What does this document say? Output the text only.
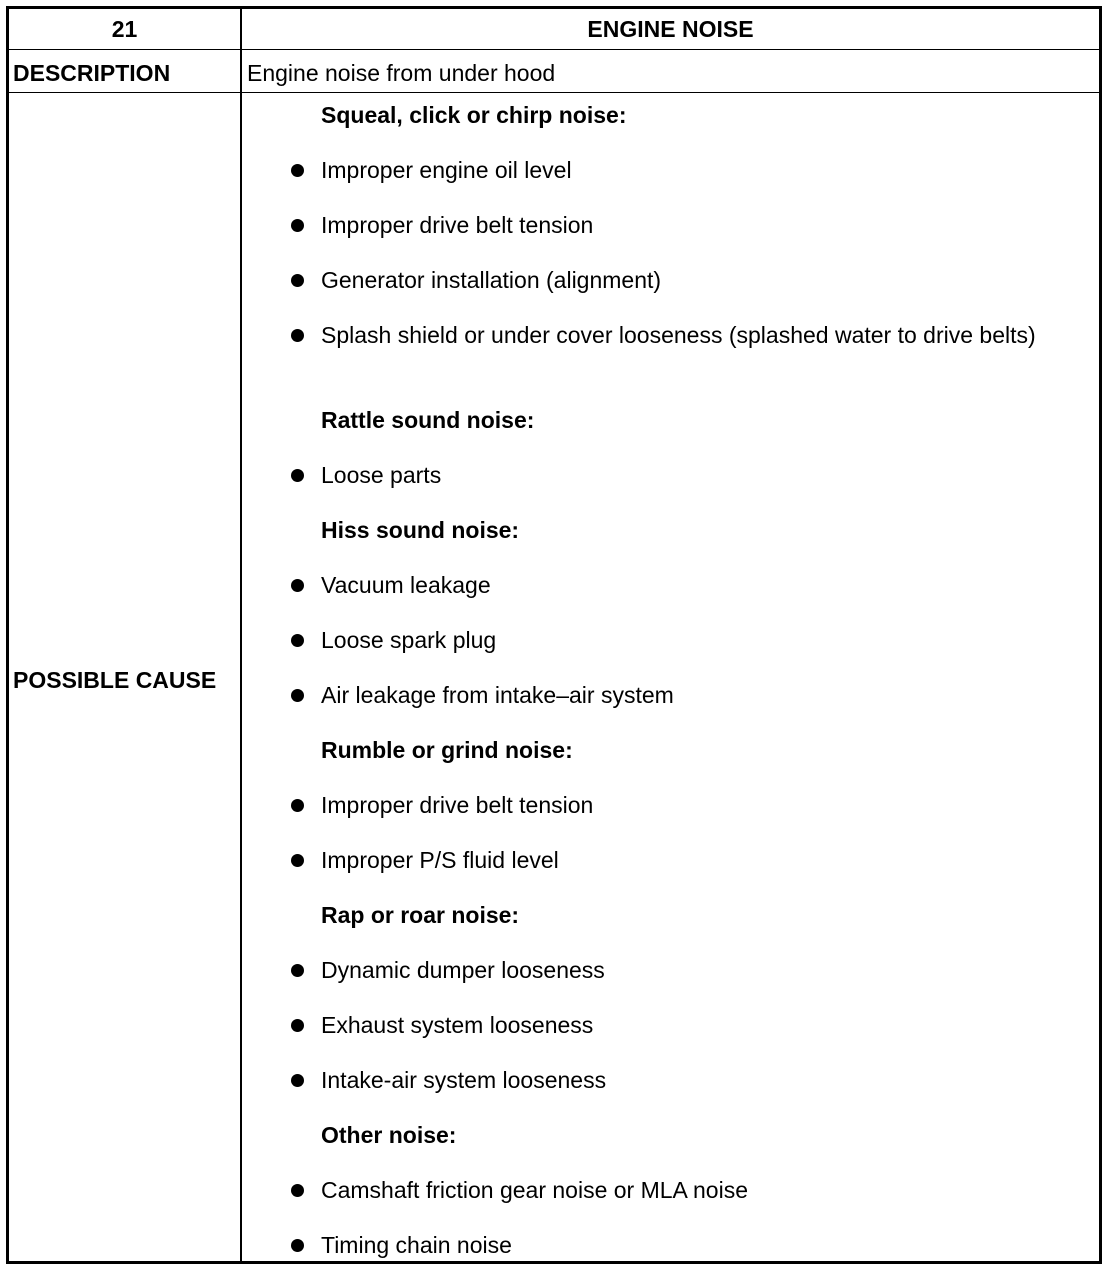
21	ENGINE NOISE
DESCRIPTION	Engine noise from under hood
POSSIBLE CAUSE
Squeal, click or chirp noise:
Improper engine oil level
Improper drive belt tension
Generator installation (alignment)
Splash shield or under cover looseness (splashed water to drive belts)
Rattle sound noise:
Loose parts
Hiss sound noise:
Vacuum leakage
Loose spark plug
Air leakage from intake–air system
Rumble or grind noise:
Improper drive belt tension
Improper P/S fluid level
Rap or roar noise:
Dynamic dumper looseness
Exhaust system looseness
Intake-air system looseness
Other noise:
Camshaft friction gear noise or MLA noise
Timing chain noise
